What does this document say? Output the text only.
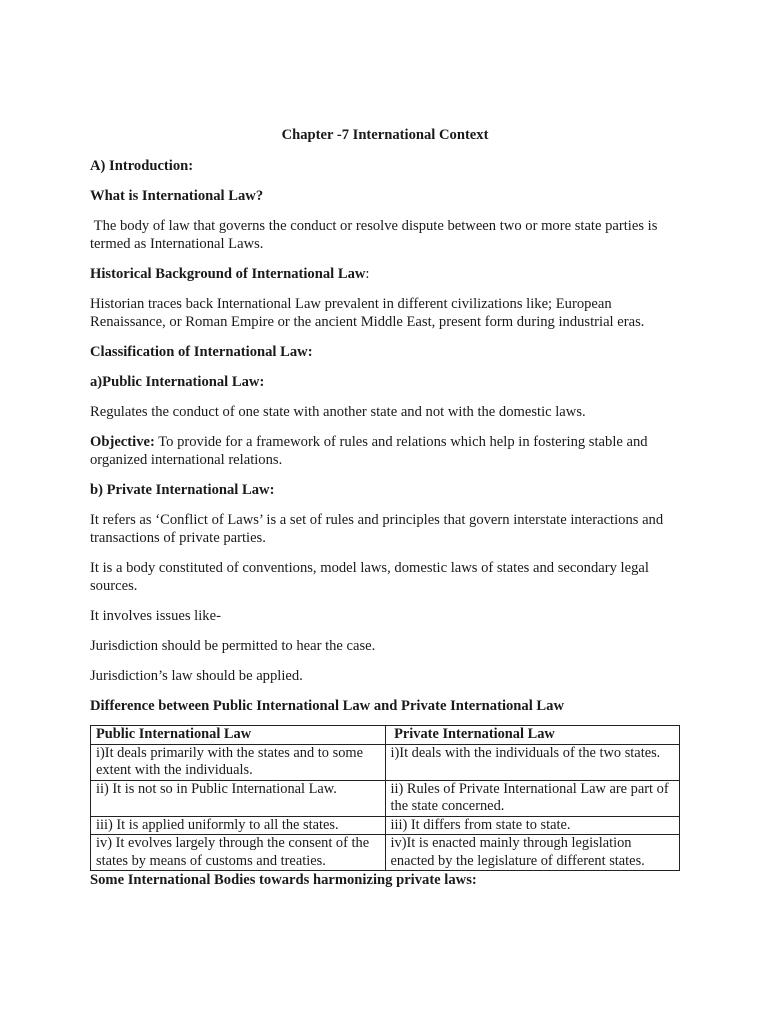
Chapter -7 International Context

A) Introduction:

What is International Law?

The body of law that governs the conduct or resolve dispute between two or more state parties is termed as International Laws.

Historical Background of International Law:

Historian traces back International Law prevalent in different civilizations like; European Renaissance, or Roman Empire or the ancient Middle East, present form during industrial eras.

Classification of International Law:

a)Public International Law:

Regulates the conduct of one state with another state and not with the domestic laws.

Objective: To provide for a framework of rules and relations which help in fostering stable and organized international relations.

b) Private International Law:

It refers as ‘Conflict of Laws’ is a set of rules and principles that govern interstate interactions and transactions of private parties.

It is a body constituted of conventions, model laws, domestic laws of states and secondary legal sources.

It involves issues like-

Jurisdiction should be permitted to hear the case.

Jurisdiction’s law should be applied.

Difference between Public International Law and Private International Law

Public International Law	Private International Law
i)It deals primarily with the states and to some extent with the individuals.	i)It deals with the individuals of the two states.
ii) It is not so in Public International Law.	ii) Rules of Private International Law are part of the state concerned.
iii) It is applied uniformly to all the states.	iii) It differs from state to state.
iv) It evolves largely through the consent of the states by means of customs and treaties.	iv)It is enacted mainly through legislation enacted by the legislature of different states.

Some International Bodies towards harmonizing private laws:
